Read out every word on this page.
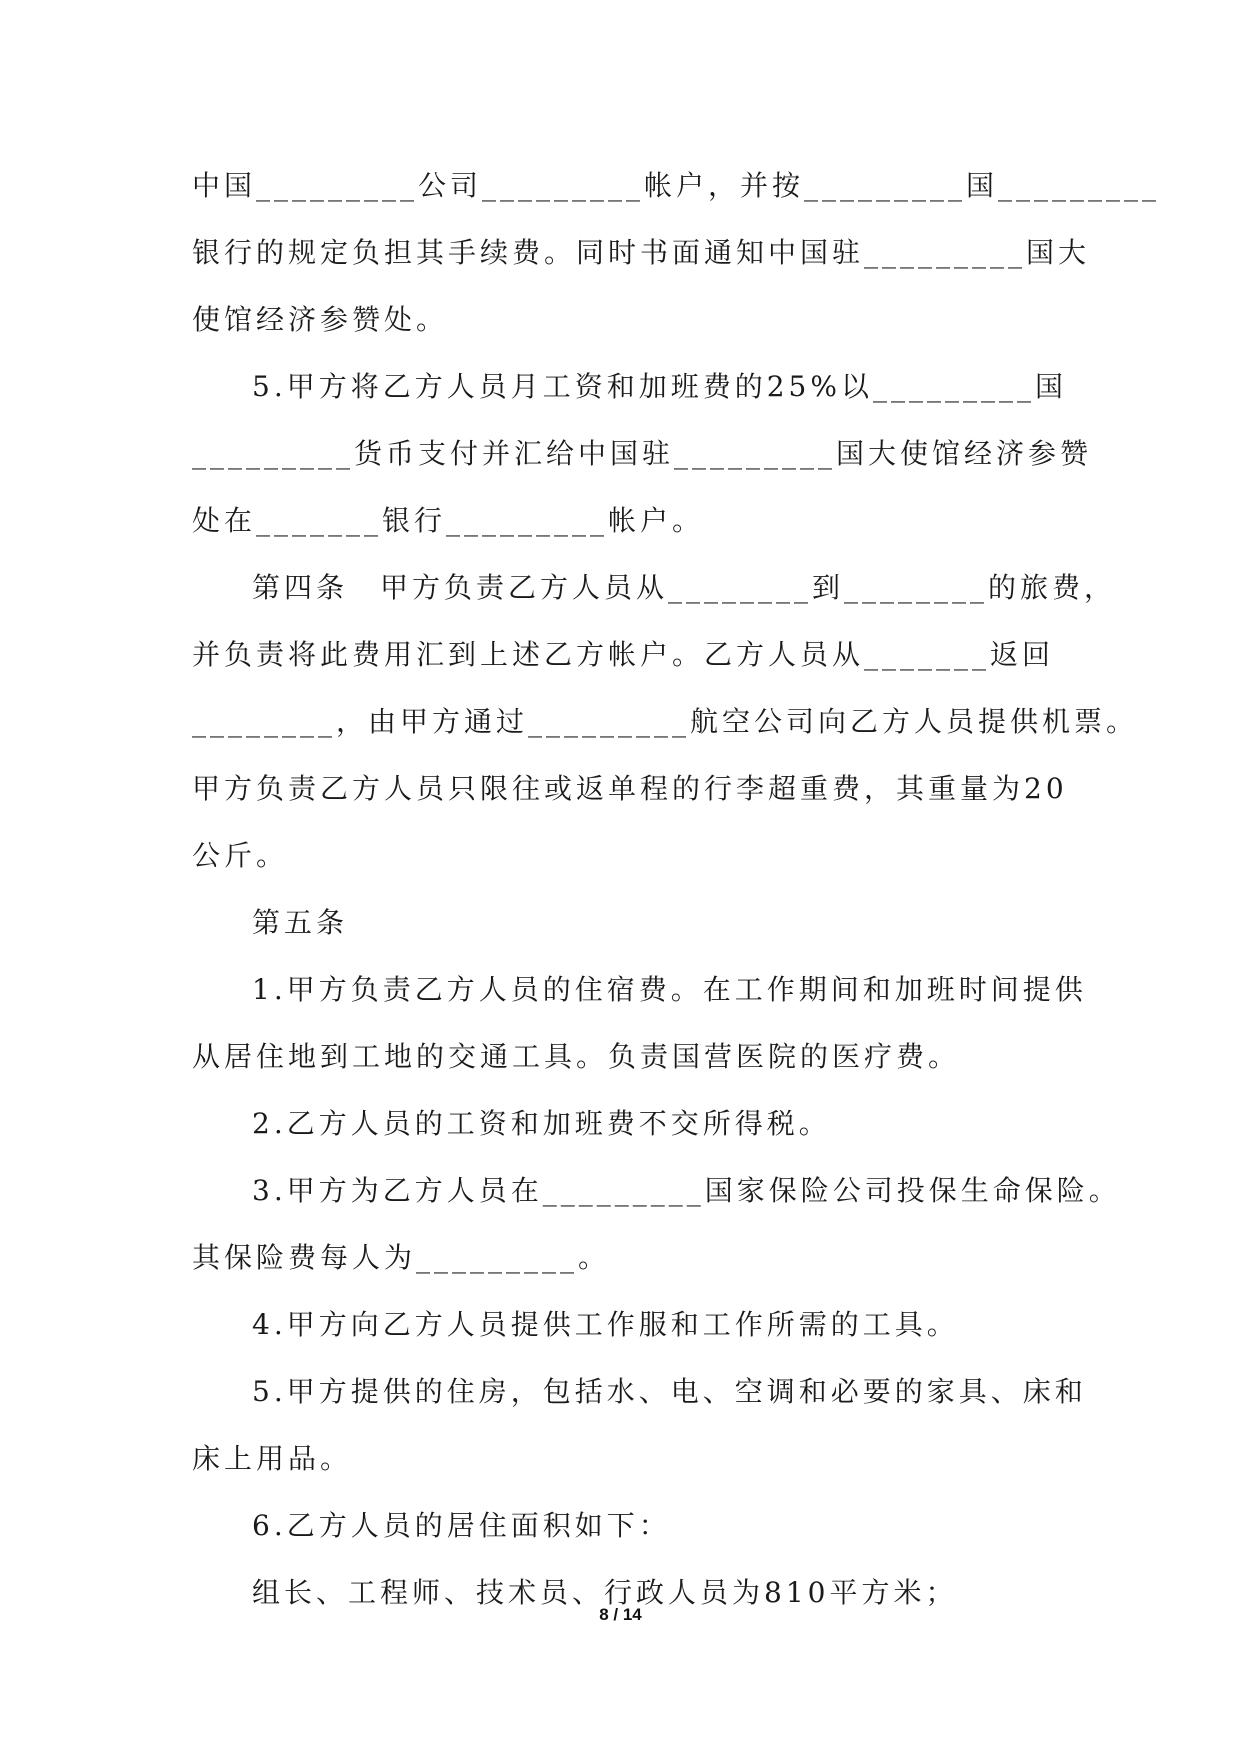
中国_________公司_________帐户，并按_________国_________
银行的规定负担其手续费。同时书面通知中国驻_________国大
使馆经济参赞处。
5.甲方将乙方人员月工资和加班费的25%以_________国
_________货币支付并汇给中国驻_________国大使馆经济参赞
处在_______银行_________帐户。
第四条　甲方负责乙方人员从________到________的旅费，
并负责将此费用汇到上述乙方帐户。乙方人员从_______返回
________，由甲方通过_________航空公司向乙方人员提供机票。
甲方负责乙方人员只限往或返单程的行李超重费，其重量为20
公斤。
第五条
1.甲方负责乙方人员的住宿费。在工作期间和加班时间提供
从居住地到工地的交通工具。负责国营医院的医疗费。
2.乙方人员的工资和加班费不交所得税。
3.甲方为乙方人员在_________国家保险公司投保生命保险。
其保险费每人为_________。
4.甲方向乙方人员提供工作服和工作所需的工具。
5.甲方提供的住房，包括水、电、空调和必要的家具、床和
床上用品。
6.乙方人员的居住面积如下：
组长、工程师、技术员、行政人员为810平方米；
8 / 14
